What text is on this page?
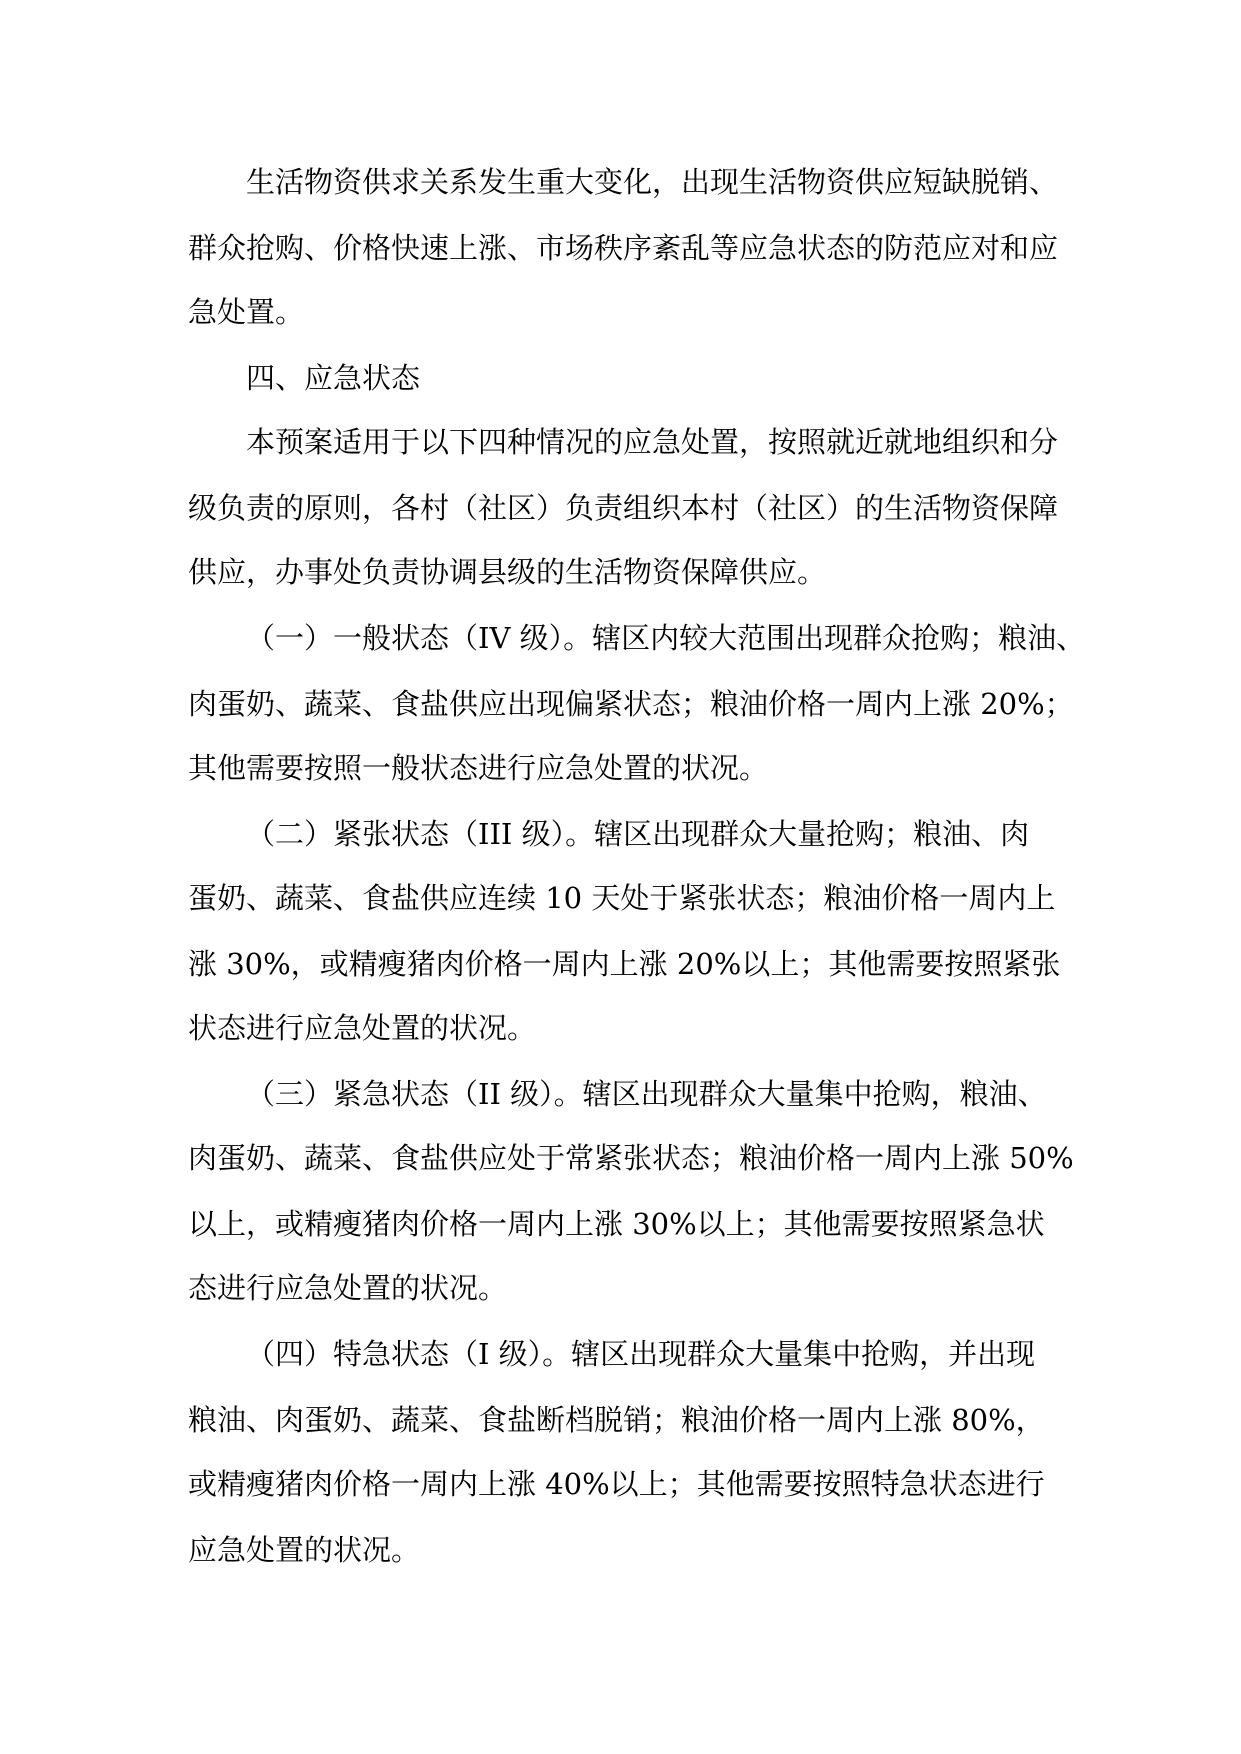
生活物资供求关系发生重大变化，出现生活物资供应短缺脱销、
群众抢购、价格快速上涨、市场秩序紊乱等应急状态的防范应对和应
急处置。
四、应急状态
本预案适用于以下四种情况的应急处置，按照就近就地组织和分
级负责的原则，各村（社区）负责组织本村（社区）的生活物资保障
供应，办事处负责协调县级的生活物资保障供应。
（一）一般状态（IV 级）。辖区内较大范围出现群众抢购；粮油、
肉蛋奶、蔬菜、食盐供应出现偏紧状态；粮油价格一周内上涨 20%；
其他需要按照一般状态进行应急处置的状况。
（二）紧张状态（III 级）。辖区出现群众大量抢购；粮油、肉
蛋奶、蔬菜、食盐供应连续 10 天处于紧张状态；粮油价格一周内上
涨 30%，或精瘦猪肉价格一周内上涨 20%以上；其他需要按照紧张
状态进行应急处置的状况。
（三）紧急状态（II 级）。辖区出现群众大量集中抢购，粮油、
肉蛋奶、蔬菜、食盐供应处于常紧张状态；粮油价格一周内上涨 50%
以上，或精瘦猪肉价格一周内上涨 30%以上；其他需要按照紧急状
态进行应急处置的状况。
（四）特急状态（I 级）。辖区出现群众大量集中抢购，并出现
粮油、肉蛋奶、蔬菜、食盐断档脱销；粮油价格一周内上涨 80%，
或精瘦猪肉价格一周内上涨 40%以上；其他需要按照特急状态进行
应急处置的状况。
